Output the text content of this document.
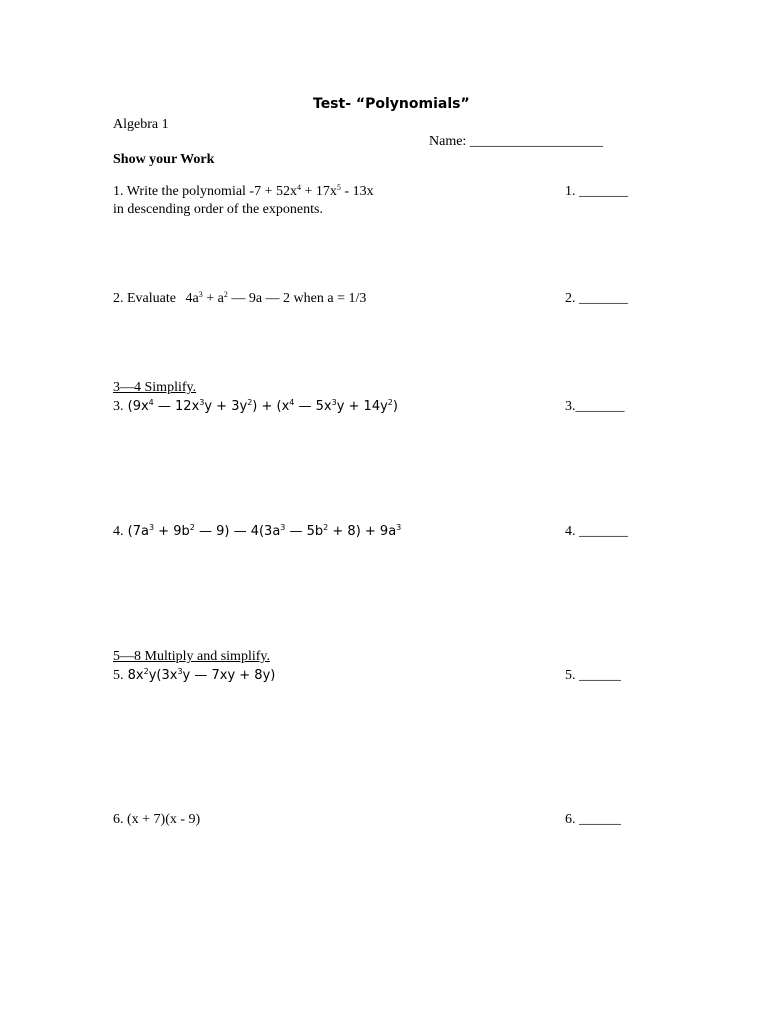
Test- “Polynomials”
Algebra 1
Name: ___________________
Show your Work
1. Write the polynomial $-7 + 52x^4 + 17x^5 - 13x$
in descending order of the exponents.
1. _______
2. Evaluate $4a^3 + a^2$ — 9a — 2 when a = 1/3	2. _______
3—4 Simplify.
3. ($9x^4$ — $12x^3y + 3y^2) + (x^4$ — $5x^3y + 14y^2$)	3._______
4. ($7a^3 + 9b^2$ — 9) — $4(3a^3$ — $5b^2 + 8) + 9a^3$	4. _______
5—8 Multiply and simplify.
5. $8x^2y(3x^3y$ — 7xy + 8y)	5. ______
6. (x + 7)(x - 9)	6. ______
